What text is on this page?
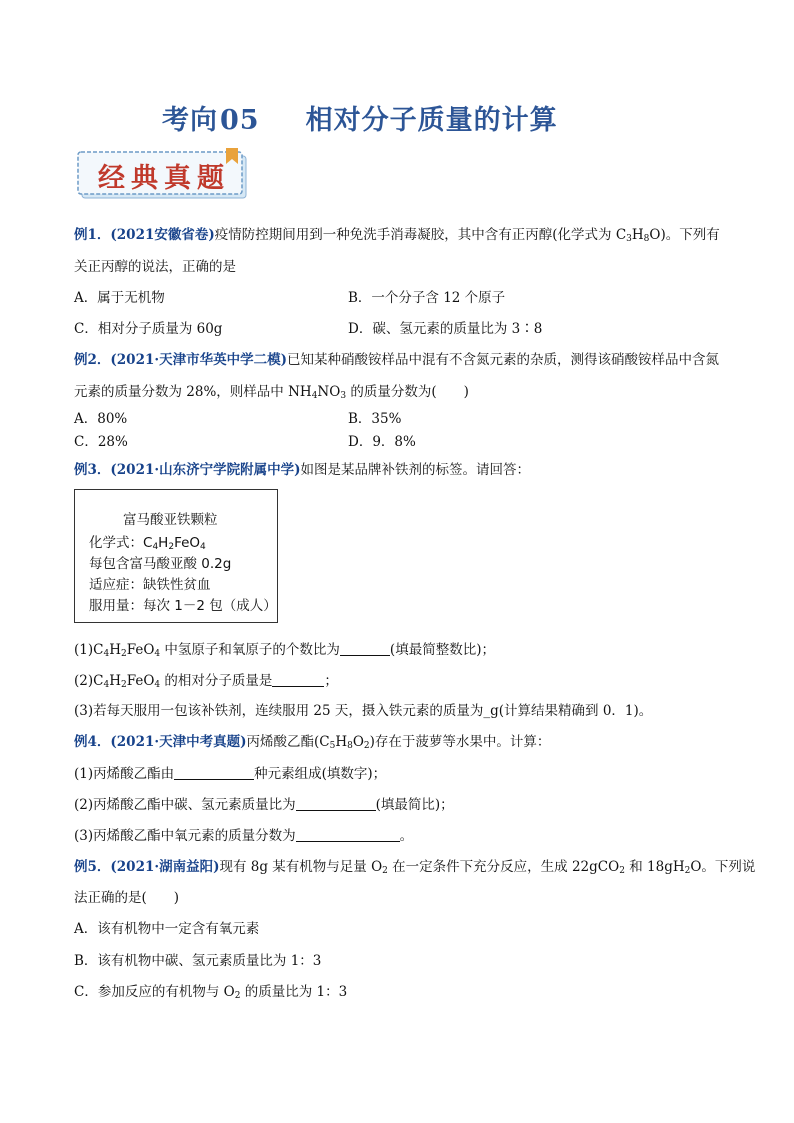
考向05 相对分子质量的计算
经典真题
例1．(2021安徽省卷)疫情防控期间用到一种免洗手消毒凝胶，其中含有正丙醇(化学式为 $C_3H_8O$)。下列有
关正丙醇的说法，正确的是
A．属于无机物	B．一个分子含 12 个原子
C．相对分子质量为 60g	D．碳、氢元素的质量比为 3∶8
例2．(2021·天津市华英中学二模)已知某种硝酸铵样品中混有不含氮元素的杂质，测得该硝酸铵样品中含氮
元素的质量分数为 28%，则样品中 $NH_4NO_3$ 的质量分数为(　　)
A．80%	B．35%
C．28%	D．9．8%
例3．(2021·山东济宁学院附属中学)如图是某品牌补铁剂的标签。请回答：
富马酸亚铁颗粒
化学式：$C_4H_2FeO_4$
每包含富马酸亚酸 0.2g
适应症：缺铁性贫血
服用量：每次 1－2 包（成人）
$(1)C_4H_2FeO_4$ 中氢原子和氧原子的个数比为	(填最简整数比)；
$(2)C_4H_2FeO_4$ 的相对分子质量是	；
(3)若每天服用一包该补铁剂，连续服用 25 天，摄入铁元素的质量为_g(计算结果精确到 0．1)。
例4．(2021·天津中考真题)丙烯酸乙酯$(C_5H_8O_2)$存在于菠萝等水果中。计算：
(1)丙烯酸乙酯由	种元素组成(填数字)；
(2)丙烯酸乙酯中碳、氢元素质量比为	(填最简比)；
(3)丙烯酸乙酯中氧元素的质量分数为	。
例5．(2021·湖南益阳)现有 8g 某有机物与足量 $O_2$ 在一定条件下充分反应，生成 22gCO$_2$ 和 $18gH_2O$。下列说
法正确的是(　　)
A．该有机物中一定含有氧元素
B．该有机物中碳、氢元素质量比为 1：3
C．参加反应的有机物与 $O_2$ 的质量比为 1：3
